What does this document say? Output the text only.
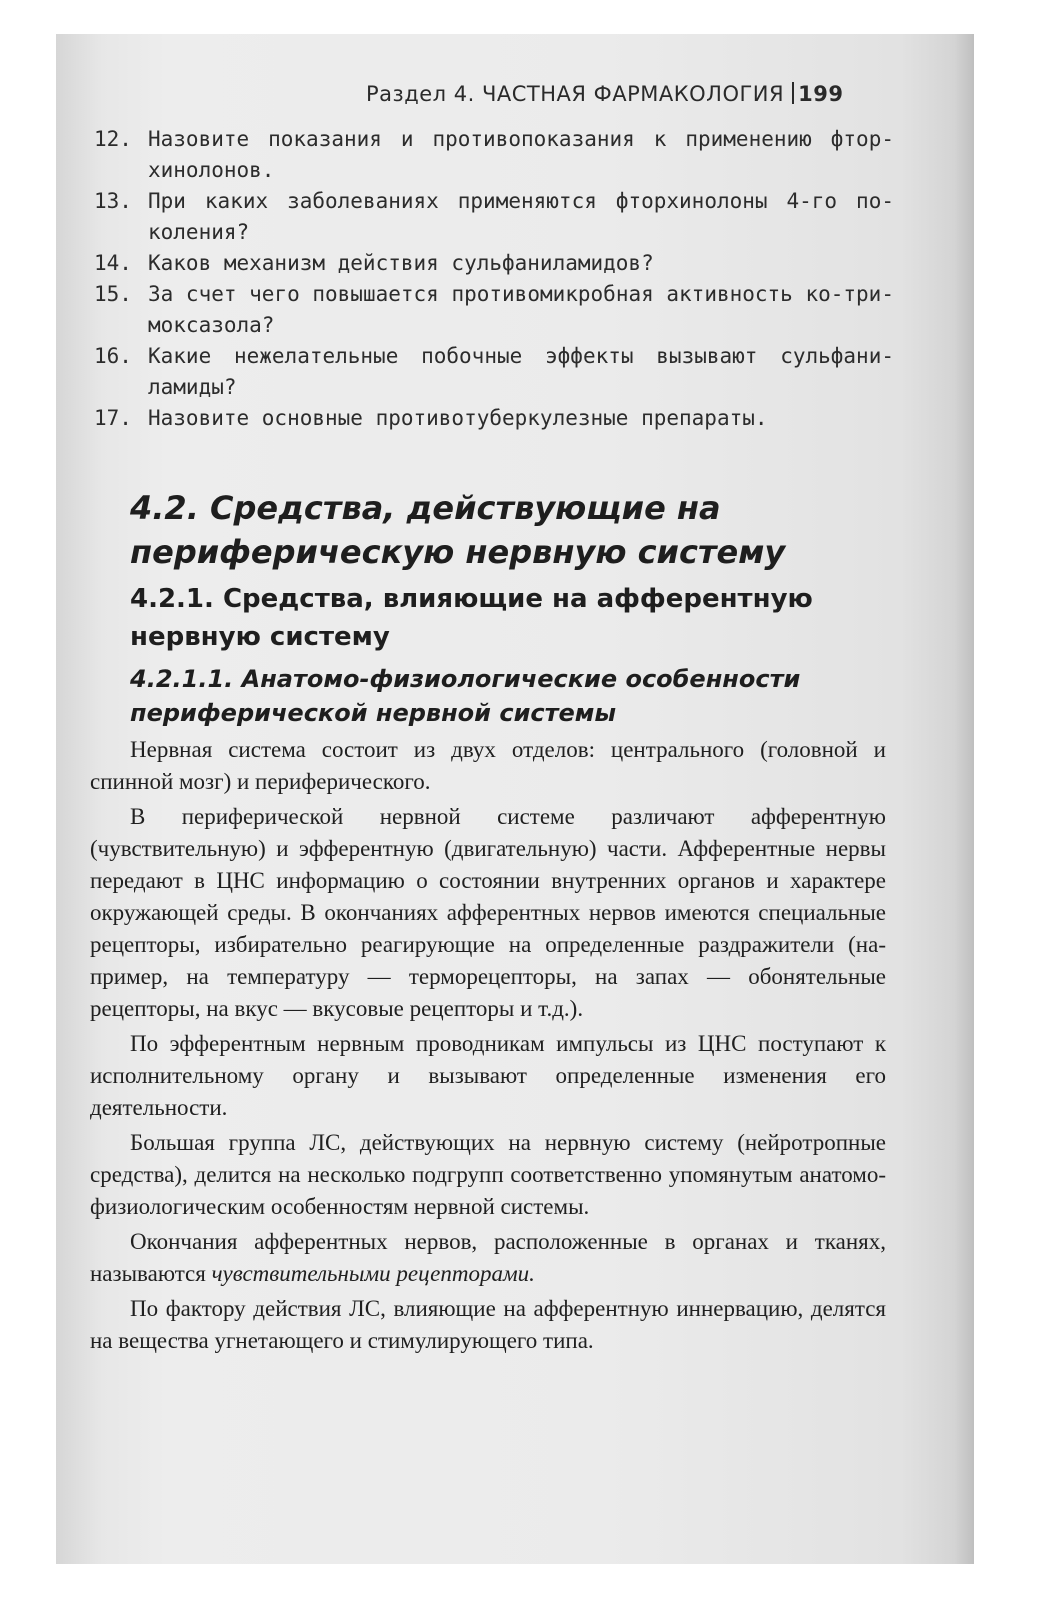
Раздел 4. ЧАСТНАЯ ФАРМАКОЛОГИЯ 199
12. Назовите показания и противопоказания к применению фторхинолонов.
13. При каких заболеваниях применяются фторхинолоны 4-го поколения?
14. Каков механизм действия сульфаниламидов?
15. За счет чего повышается противомикробная активность ко-тримоксазола?
16. Какие нежелательные побочные эффекты вызывают сульфаниламиды?
17. Назовите основные противотуберкулезные препараты.
4.2. Средства, действующие на периферическую нервную систему
4.2.1. Средства, влияющие на афферентную нервную систему
4.2.1.1. Анатомо-физиологические особенности периферической нервной системы

Нервная система состоит из двух отделов: центрального (головной и спинной мозг) и периферического.

В периферической нервной системе различают афферентную (чувствительную) и эфферентную (двигательную) части. Афферентные нервы передают в ЦНС информацию о состоянии внутренних органов и характере окружающей среды. В окончаниях афферентных нервов имеются специальные рецепторы, избирательно реагирующие на определенные раздражители (например, на температуру — терморецепторы, на запах — обонятельные рецепторы, на вкус — вкусовые рецепторы и т.д.).

По эфферентным нервным проводникам импульсы из ЦНС поступают к исполнительному органу и вызывают определенные изменения его деятельности.

Большая группа ЛС, действующих на нервную систему (нейротропные средства), делится на несколько подгрупп соответственно упомянутым анатомо-физиологическим особенностям нервной системы.

Окончания афферентных нервов, расположенные в органах и тканях, называются чувствительными рецепторами.

По фактору действия ЛС, влияющие на афферентную иннервацию, делятся на вещества угнетающего и стимулирующего типа.
